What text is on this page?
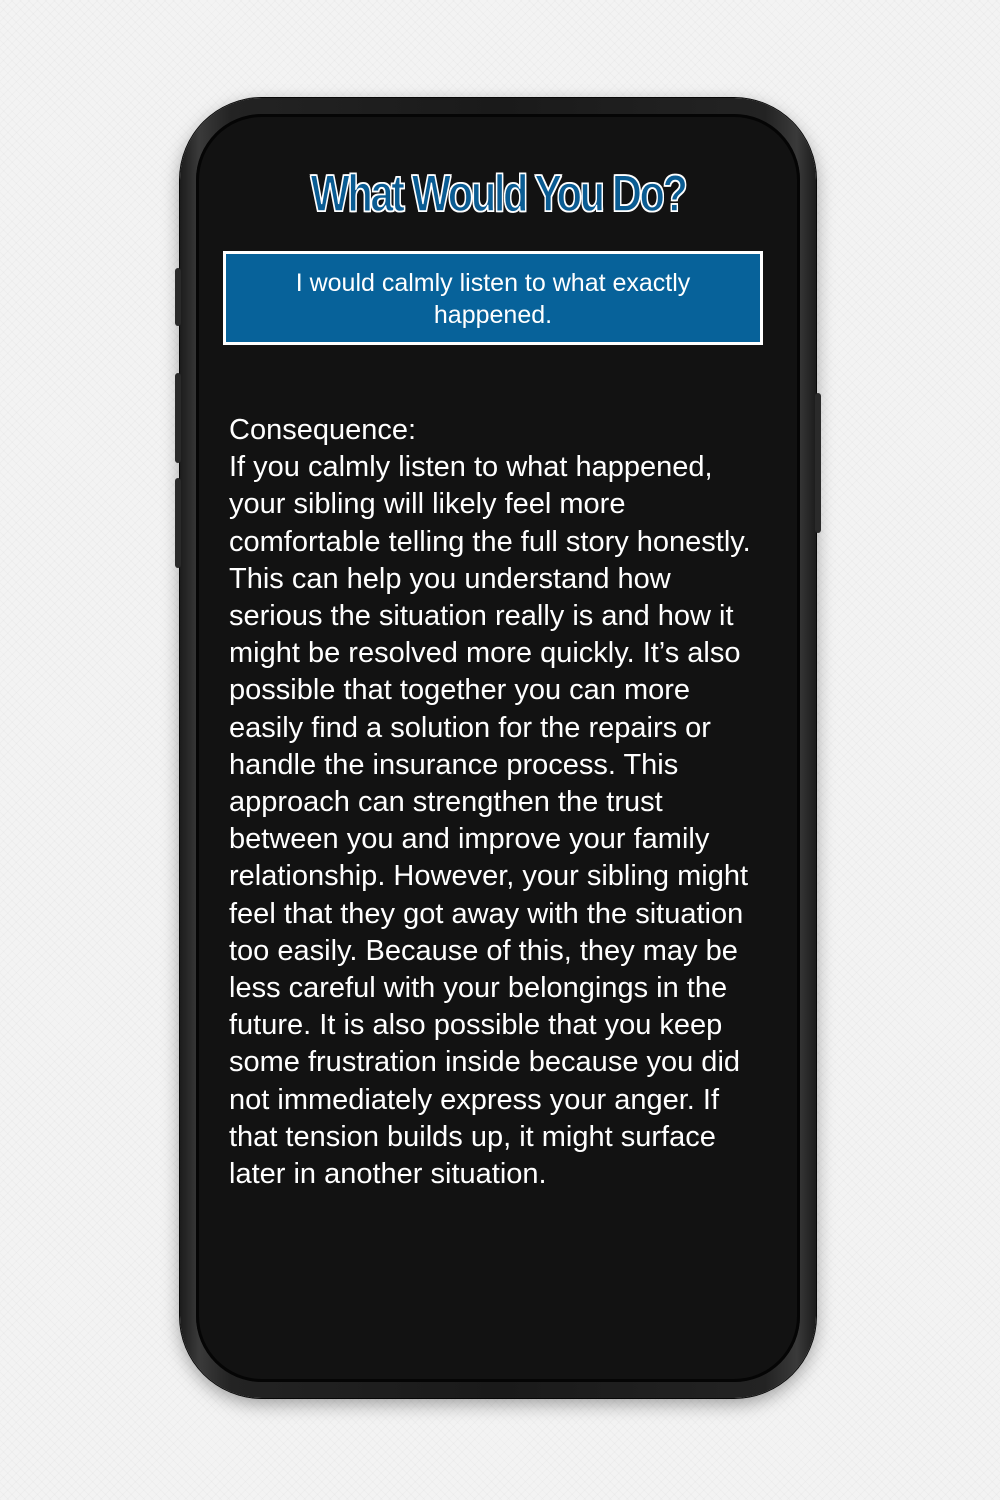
What Would You Do?
I would calmly listen to what exactly happened.

Consequence:

If you calmly listen to what happened, your sibling will likely feel more comfortable telling the full story honestly. This can help you understand how serious the situation really is and how it might be resolved more quickly. It’s also possible that together you can more easily find a solution for the repairs or handle the insurance process. This approach can strengthen the trust between you and improve your family relationship. However, your sibling might feel that they got away with the situation too easily. Because of this, they may be less careful with your belongings in the future. It is also possible that you keep some frustration inside because you did not immediately express your anger. If that tension builds up, it might surface later in another situation.
